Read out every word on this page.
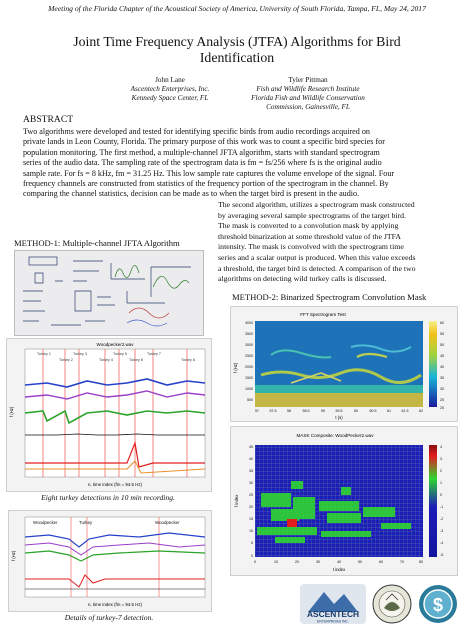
Meeting of the Florida Chapter of the Acoustical Society of America, University of South Florida, Tampa, FL, May 24, 2017
Joint Time Frequency Analysis (JTFA) Algorithms for Bird
Identification
John Lane
Ascentech Enterprises, Inc.
Kennedy Space Center, FL
Tyler Pittman
Fish and Wildlife Research Institute
Florida Fish and Wildlife Conservation
Commission, Gainesville, FL
ABSTRACT
Two algorithms were developed and tested for identifying specific birds from audio recordings acquired on
private lands in Leon County, Florida. The primary purpose of this work was to count a specific bird species for
population monitoring. The first method, a multiple-channel JFTA algorithm, starts with standard spectrogram
series of the audio data. The sampling rate of the spectrogram data is fm = fs/256 where fs is the original audio
sample rate. For fs = 8 kHz, fm = 31.25 Hz. This low sample rate captures the volume envelope of the signal. Four
frequency channels are constructed from statistics of the frequency portion of the spectrogram in the channel. By
comparing the channel statistics, decision can be made as to when the target bird is present in the audio.
The second algorithm, utilizes a spectrogram mask constructed
by averaging several sample spectrograms of the target bird.
The mask is converted to a convolution mask by applying
threshold binarization at some threshold value of the JTFA
intensity. The mask is convolved with the spectrogram time
series and a scalar output is produced. When this value exceeds
a threshold, the target bird is detected. A comparison of the two
algorithms on detecting wild turkey calls is discussed.
METHOD-1: Multiple-channel JFTA Algorithm
METHOD-2: Binarized Spectrogram Convolution Mask
Woodpecker2.wav
Turkey 1
Turkey 2
Turkey 3
Turkey 4
Turkey 5
Turkey 6
Turkey 7
Turkey 8
f (Hz)
n, time index (fm = 94.5 Hz)
Eight turkey detections in 10 min recording.
Woodpecker	Turkey	Woodpecker
f (Hz)
n, time index (fm = 94.5 Hz)
Details of turkey-7 detection.
FFT Spectrogram Test
4000
3500
3000
2500
2000
1500
1000
500
57	57.5	58	58.5	59	59.5	60	60.5	61	61.5	62
f (Hz)
t (s)
60
55
50
45
40
35
30
25
20
MASK Composite: WoodPecker2.wav
45
40
35
30
25
20
15
10
5
0
0	10	20	30	40	50	60	70	80
f index
t index
4
3
2
1
0
-1
-2
-3
-4
-5
ASCENTECH
ENTERPRISES INC.
$
